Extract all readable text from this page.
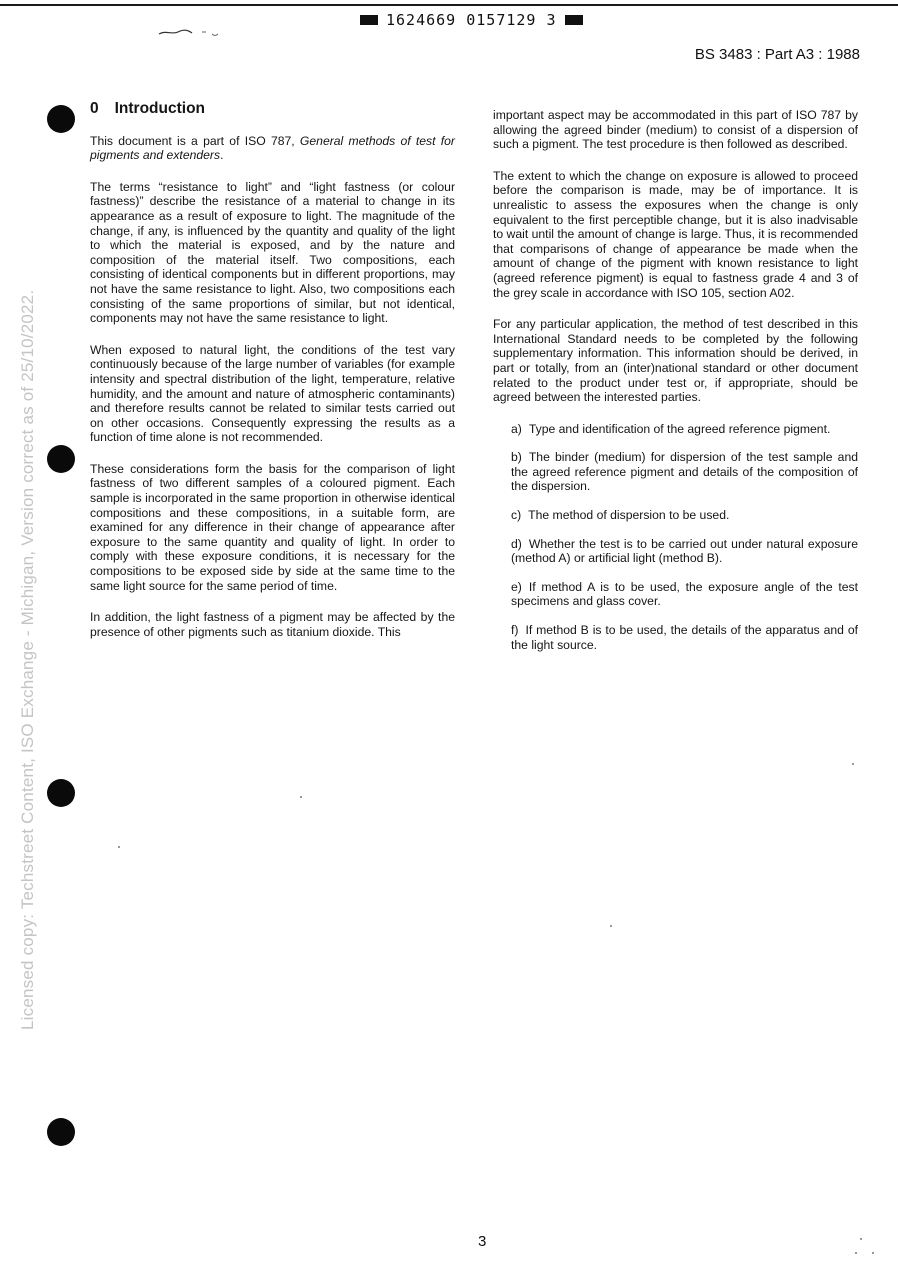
1624669 0157129 3
BS 3483 : Part A3 : 1988
Licensed copy: Techstreet Content, ISO Exchange - Michigan, Version correct as of 25/10/2022.
0 Introduction

This document is a part of ISO 787, General methods of test for pigments and extenders.

The terms “resistance to light” and “light fastness (or colour fastness)” describe the resistance of a material to change in its appearance as a result of exposure to light. The magnitude of the change, if any, is influenced by the quantity and quality of the light to which the material is exposed, and by the nature and composition of the material itself. Two compositions, each consisting of identical components but in different proportions, may not have the same resistance to light. Also, two compositions each consisting of the same proportions of similar, but not identical, components may not have the same resistance to light.

When exposed to natural light, the conditions of the test vary continuously because of the large number of variables (for example intensity and spectral distribution of the light, temperature, relative humidity, and the amount and nature of atmospheric contaminants) and therefore results cannot be related to similar tests carried out on other occasions. Consequently expressing the results as a function of time alone is not recommended.

These considerations form the basis for the comparison of light fastness of two different samples of a coloured pigment. Each sample is incorporated in the same proportion in otherwise identical compositions and these compositions, in a suitable form, are examined for any difference in their change of appearance after exposure to the same quantity and quality of light. In order to comply with these exposure conditions, it is necessary for the compositions to be exposed side by side at the same time to the same light source for the same period of time.

In addition, the light fastness of a pigment may be affected by the presence of other pigments such as titanium dioxide. This

important aspect may be accommodated in this part of ISO 787 by allowing the agreed binder (medium) to consist of a dispersion of such a pigment. The test procedure is then followed as described.

The extent to which the change on exposure is allowed to proceed before the comparison is made, may be of importance. It is unrealistic to assess the exposures when the change is only equivalent to the first perceptible change, but it is also inadvisable to wait until the amount of change is large. Thus, it is recommended that comparisons of change of appearance be made when the amount of change of the pigment with known resistance to light (agreed reference pigment) is equal to fastness grade 4 and 3 of the grey scale in accordance with ISO 105, section A02.

For any particular application, the method of test described in this International Standard needs to be completed by the following supplementary information. This information should be derived, in part or totally, from an (inter)national standard or other document related to the product under test or, if appropriate, should be agreed between the interested parties.

a) Type and identification of the agreed reference pigment.
b) The binder (medium) for dispersion of the test sample and the agreed reference pigment and details of the composition of the dispersion.
c) The method of dispersion to be used.
d) Whether the test is to be carried out under natural exposure (method A) or artificial light (method B).
e) If method A is to be used, the exposure angle of the test specimens and glass cover.
f) If method B is to be used, the details of the apparatus and of the light source.
3
